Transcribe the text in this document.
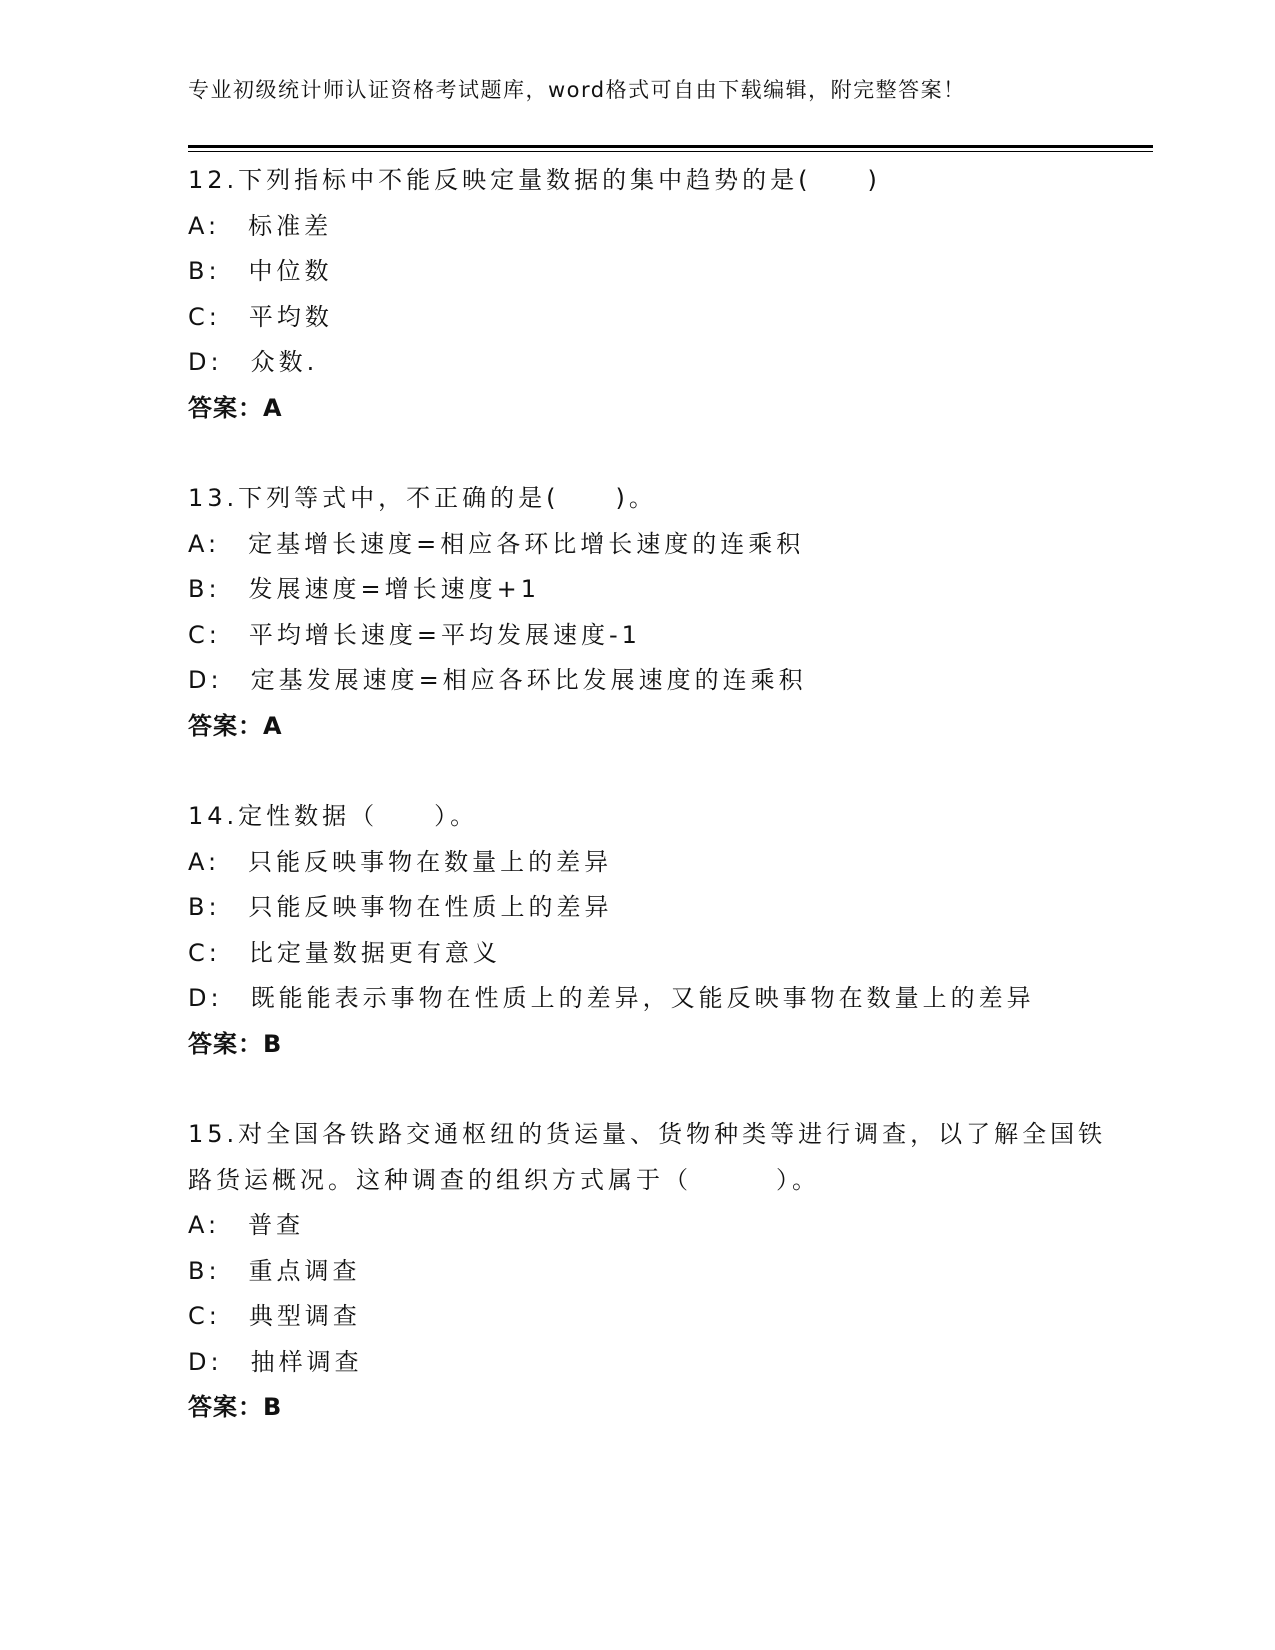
专业初级统计师认证资格考试题库，word格式可自由下载编辑，附完整答案！

12.下列指标中不能反映定量数据的集中趋势的是(　　)

A:　标准差

B:　中位数

C:　平均数

D:　众数.

答案：A

13.下列等式中，不正确的是(　　)。

A:　定基增长速度=相应各环比增长速度的连乘积

B:　发展速度=增长速度+1

C:　平均增长速度=平均发展速度-1

D:　定基发展速度=相应各环比发展速度的连乘积

答案：A

14.定性数据（　　）。

A:　只能反映事物在数量上的差异

B:　只能反映事物在性质上的差异

C:　比定量数据更有意义

D:　既能能表示事物在性质上的差异，又能反映事物在数量上的差异

答案：B

15.对全国各铁路交通枢纽的货运量、货物种类等进行调查，以了解全国铁路货运概况。这种调查的组织方式属于（　　　）。

A:　普查

B:　重点调查

C:　典型调查

D:　抽样调查

答案：B
